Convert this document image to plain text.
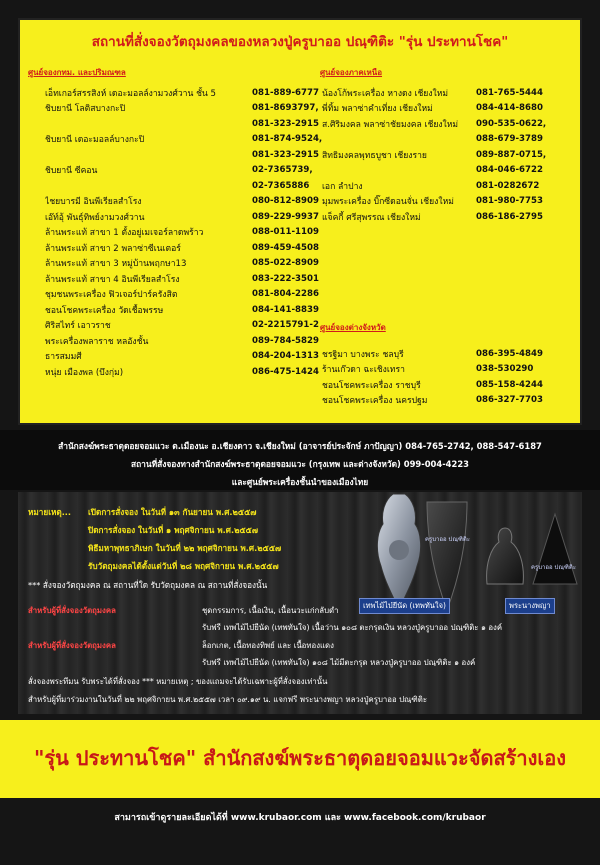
สถานที่สั่งจองวัตถุมงคลของหลวงปู่ครูบาออ ปณฺฑิติะ "รุ่น ประทานโชค"
ศูนย์จองกทม. และปริมณฑล	ศูนย์จองภาคเหนือ
ศูนย์จองต่างจังหวัด
เอ็ทเกอร์สรรสิงห์ เดอะมอลล์งามวงศ์วาน ชั้น 5	081-889-6777
ชิบยานี โลติสบางกะปิ	081-8693797,
081-323-2915
ชิบยานี เดอะมอลล์บางกะปิ	081-874-9524,
081-323-2915
ชิบยานี ซีคอน	02-7365739,
02-7365886
ไชยบารมี อินพีเรียลสำโรง	080-812-8909
เอ๊ท์อุ้ พันธุ์ทิพย์งามวงศ์วาน	089-229-9937
ล้านพระแท้ สาขา 1 ตั้งอยู่เมเจอร์ลาดพร้าว	088-011-1109
ล้านพระแท้ สาขา 2 พลาซ่าซีเนเตอร์	089-459-4508
ล้านพระแท้ สาขา 3 หมู่บ้านพฤกษา13	085-022-8909
ล้านพระแท้ สาขา 4 อินพีเรียลสำโรง	083-222-3501
ชุมชนพระเครื่อง ฟิวเจอร์ปาร์ครังสิต	081-804-2286
ชอนโชคพระเครื่อง วัดเชื้อพรรษ	084-141-8839
ศิริสไทร์ เอาวราช	02-2215791-2
พระเครื่องพลาราช หลอังชั้น	089-784-5829
ธารสมมศี	084-204-1313
หนุ่ย เมืองพล (บึงกุ่ม)	086-475-1424
น้องโก้พระเครื่อง หางดง เชียงใหม่	081-765-5444
พี่ทิ้ม พลาซ่าคำเที่ยง เชียงใหม่	084-414-8680
ส.ศิริมงคล พลาซ่าชัยมงคล เชียงใหม่	090-535-0622,
088-679-3789
สิทธิมงคลพุทธบูชา เชียงราย	089-887-0715,
084-046-6722
เอก ลำปาง	081-0282672
มุมพระเครื่อง บิ๊กซีดอนจั่น เชียงใหม่	081-980-7753
แจ็คกี้ ศรีสุพรรณ เชียงใหม่	086-186-2795
ชรฐิมา บางพระ ชลบุรี	086-395-4849
ร้านเก๊วดา ฉะเชิงเทรา	038-530290
ชอนโชคพระเครื่อง ราชบุรี	085-158-4244
ชอนโชคพระเครื่อง นครปฐม	086-327-7703
สำนักสงฆ์พระธาตุดอยจอมแวะ ต.เมืองนะ อ.เชียงดาว จ.เชียงใหม่ (อาจารย์ประจักษ์ ภาปัญญา) 084-765-2742, 088-547-6187
สถานที่สั่งจองทางสำนักสงฆ์พระธาตุดอยจอมแวะ (กรุงเทพ และต่างจังหวัด) 099-004-4223
และศูนย์พระเครื่องชั้นนำของเมืองไทย
หมายเหตุ... เปิดการสั่งจอง ในวันที่ ๑๓ กันยายน พ.ศ.๒๕๕๗
ปิดการสั่งจอง ในวันที่ ๑ พฤศจิกายน พ.ศ.๒๕๕๗
พิธีมหาพุทธาภิเษก ในวันที่ ๒๒ พฤศจิกายน พ.ศ.๒๕๕๗
รับวัตถุมงคลได้ตั้งแต่วันที่ ๒๘ พฤศจิกายน พ.ศ.๒๕๕๗
*** สั่งจองวัตถุมงคล ณ สถานที่ใด รับวัตถุมงคล ณ สถานที่สั่งจองนั้น
ครูบาออ ปณฺฑิติะ
ครูบาออ ปณฺฑิติะ
เทพไม้ไบ๋ยีนัด (เทพทันใจ)	พระนางพญา
สำหรับผู้ที่สั่งจองวัตถุมงคล	ชุดกรรมการ, เนื้อเงิน, เนื้อนวะแก่กลับดำ
รับฟรี เทพไม้ไบ๋ยีนัด (เทพทันใจ) เนื้อว่าน ๑๐๘ ตะกรุดเงิน หลวงปู่ครูบาออ ปณฺฑิติะ ๑ องค์
สำหรับผู้ที่สั่งจองวัตถุมงคล	ล็อกเกต, เนื้อทองทิพย์ และ เนื้อทองแดง
รับฟรี เทพไม้ไบ๋ยีนัด (เทพทันใจ) ๑๐๘ ไม้มีตะกรุด หลวงปู่ครูบาออ ปณฺฑิติะ ๑ องค์
สั่งจองพระทีมน รับพระได้ที่สั่งจอง *** หมายเหตุ ; ของแถมจะได้รับเฉพาะผู้ที่สั่งจองเท่านั้น
สำหรับผู้ที่มาร่วมงานในวันที่ ๒๒ พฤศจิกายน พ.ศ.๒๕๕๗ เวลา ๐๙.๑๙ น. แจกฟรี พระนางพญา หลวงปู่ครูบาออ ปณฺฑิติะ
"รุ่น ประทานโชค" สำนักสงฆ์พระธาตุดอยจอมแวะจัดสร้างเอง
สามารถเข้าดูรายละเอียดได้ที่ www.krubaor.com และ www.facebook.com/krubaor
